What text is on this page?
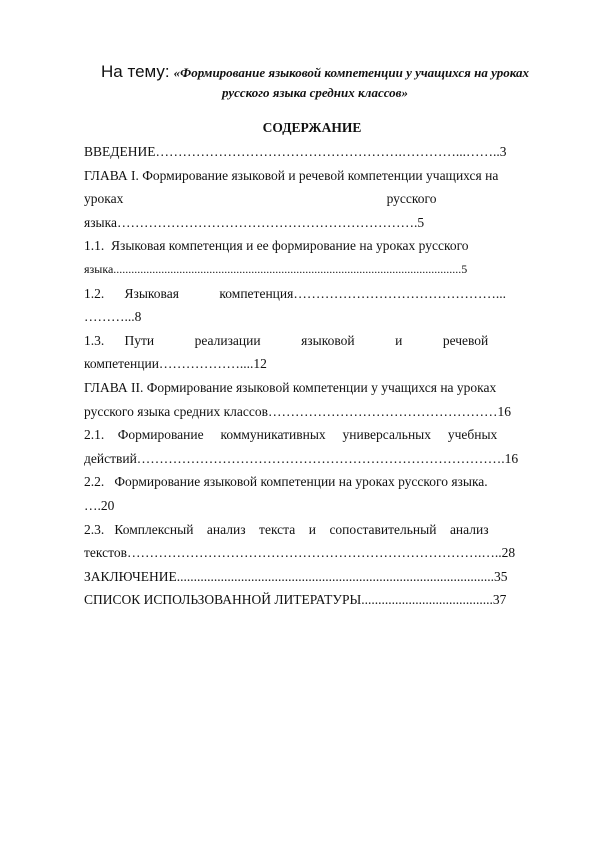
На тему: «Формирование языковой компетенции у учащихся на уроках русского языка средних классов»
СОДЕРЖАНИЕ
ВВЕДЕНИЕ……………………………………………….…………...……..3
ГЛАВА I. Формирование языковой и речевой компетенции учащихся на
уроках                                                                              русского
языка………………………………………………………….5
1.1.  Языковая компетенция и ее формирование на уроках русского
языка....................................................................................................................5
1.2.      Языковая            компетенция………………………………………...
………...8
1.3.      Пути            реализации            языковой            и            речевой
компетенции………………....12
ГЛАВА II. Формирование языковой компетенции у учащихся на уроках
русского языка средних классов……………………………………………16
2.1.    Формирование     коммуникативных     универсальных     учебных
действий……………………………………………………………………….16
2.2.   Формирование языковой компетенции на уроках русского языка.
….20
2.3.   Комплексный    анализ    текста    и    сопоставительный    анализ
текстов…………………………………………………………………….…..28
ЗАКЛЮЧЕНИЕ..............................................................................................35
СПИСОК ИСПОЛЬЗОВАННОЙ ЛИТЕРАТУРЫ.......................................37
